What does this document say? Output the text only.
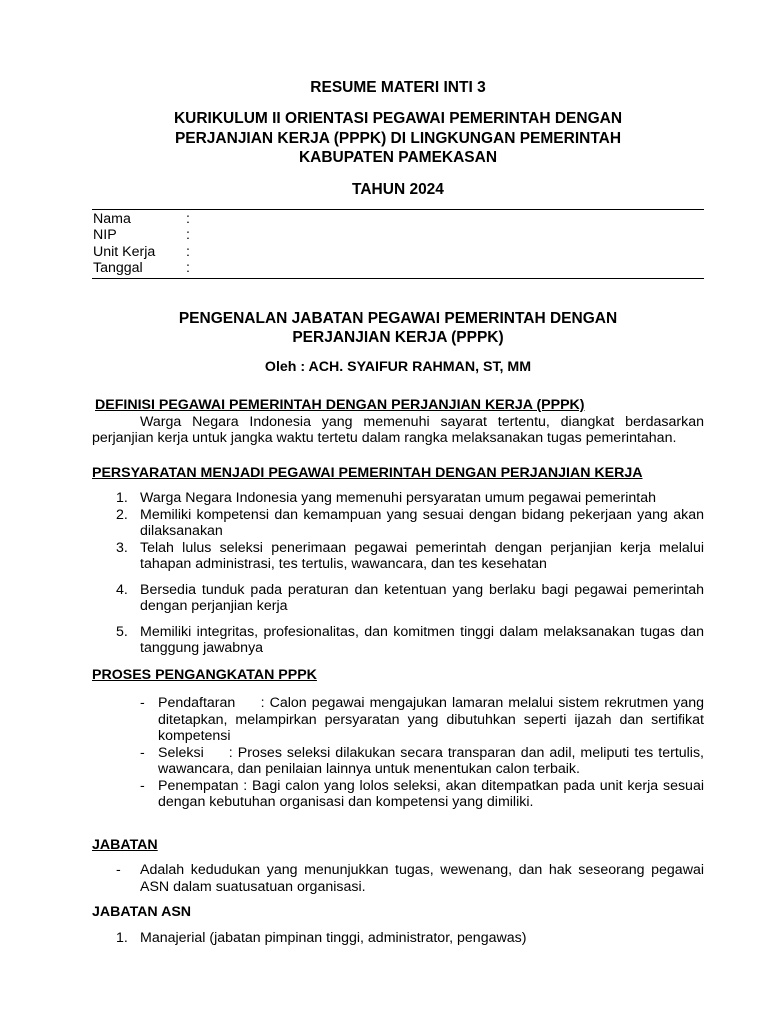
RESUME MATERI INTI 3

KURIKULUM II ORIENTASI PEGAWAI PEMERINTAH DENGAN
PERJANJIAN KERJA (PPPK) DI LINGKUNGAN PEMERINTAH
KABUPATEN PAMEKASAN

TAHUN 2024

Nama	:
NIP	:
Unit Kerja	:
Tanggal	:

PENGENALAN JABATAN PEGAWAI PEMERINTAH DENGAN
PERJANJIAN KERJA (PPPK)

Oleh : ACH. SYAIFUR RAHMAN, ST, MM

DEFINISI PEGAWAI PEMERINTAH DENGAN PERJANJIAN KERJA (PPPK)

Warga Negara Indonesia yang memenuhi sayarat tertentu, diangkat berdasarkan perjanjian kerja untuk jangka waktu tertetu dalam rangka melaksanakan tugas pemerintahan.

PERSYARATAN MENJADI PEGAWAI PEMERINTAH DENGAN PERJANJIAN KERJA

1. Warga Negara Indonesia yang memenuhi persyaratan umum pegawai pemerintah
2. Memiliki kompetensi dan kemampuan yang sesuai dengan bidang pekerjaan yang akan dilaksanakan
3. Telah lulus seleksi penerimaan pegawai pemerintah dengan perjanjian kerja melalui tahapan administrasi, tes tertulis, wawancara, dan tes kesehatan
4. Bersedia tunduk pada peraturan dan ketentuan yang berlaku bagi pegawai pemerintah dengan perjanjian kerja
5. Memiliki integritas, profesionalitas, dan komitmen tinggi dalam melaksanakan tugas dan tanggung jawabnya

PROSES PENGANGKATAN PPPK

- Pendaftaran     : Calon pegawai mengajukan lamaran melalui sistem rekrutmen yang ditetapkan, melampirkan persyaratan yang dibutuhkan seperti ijazah dan sertifikat kompetensi
- Seleksi     : Proses seleksi dilakukan secara transparan dan adil, meliputi tes tertulis, wawancara, dan penilaian lainnya untuk menentukan calon terbaik.
- Penempatan : Bagi calon yang lolos seleksi, akan ditempatkan pada unit kerja sesuai dengan kebutuhan organisasi dan kompetensi yang dimiliki.

JABATAN

-	Adalah kedudukan yang menunjukkan tugas, wewenang, dan hak seseorang pegawai ASN dalam suatusatuan organisasi.

JABATAN ASN

1. Manajerial (jabatan pimpinan tinggi, administrator, pengawas)
